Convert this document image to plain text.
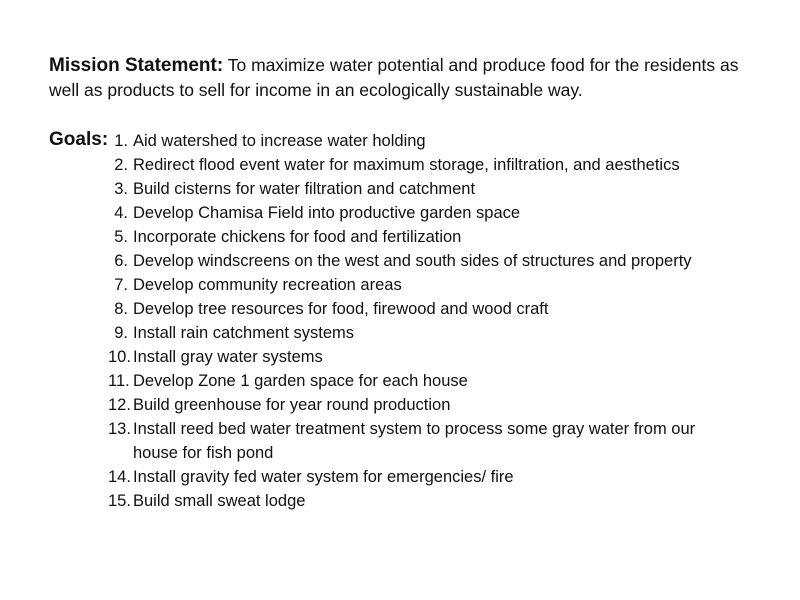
Mission Statement: To maximize water potential and produce food for the residents as well as products to sell for income in an ecologically sustainable way.
Goals: 1. Aid watershed to increase water holding
2. Redirect flood event water for maximum storage, infiltration, and aesthetics
3. Build cisterns for water filtration and catchment
4. Develop Chamisa Field into productive garden space
5. Incorporate chickens for food and fertilization
6. Develop windscreens on the west and south sides of structures and property
7. Develop community recreation areas
8. Develop tree resources for food, firewood and wood craft
9. Install rain catchment systems
10. Install gray water systems
11. Develop Zone 1 garden space for each house
12. Build greenhouse for year round production
13. Install reed bed water treatment system to process some gray water from our house for fish pond
14. Install gravity fed water system for emergencies/ fire
15. Build small sweat lodge
